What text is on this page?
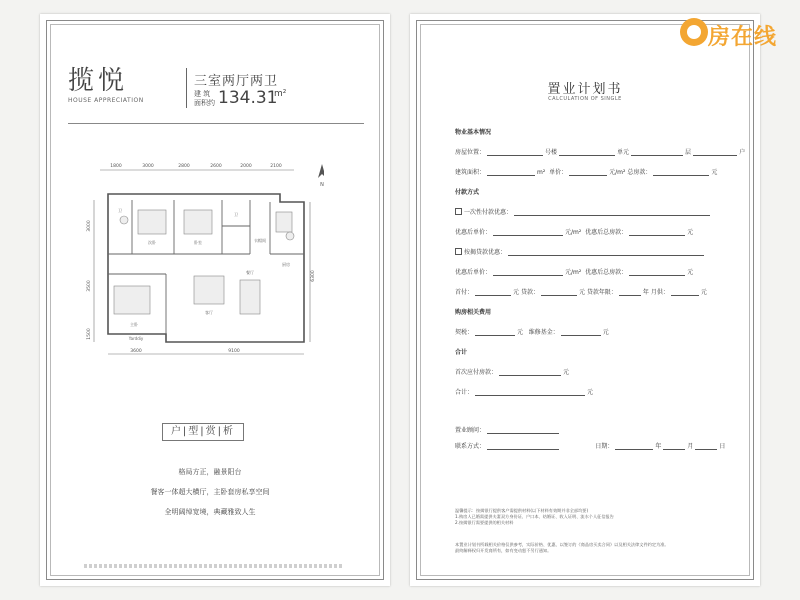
揽悦
HOUSE APPRECIATION
三室两厅两卫
建 筑
面积约 134.31
m²
1800	3000	2800	2600	2000	2100
次卧	卧室
主卧
客厅
餐厅
厨房
卫
卫
衣帽间
Yarddiy
3000
3500
1500
6300
3600	9100
N
户|型|赏|析
格局方正，融景阳台
餐客一体超大横厅，主卧套房私享空间
全明阔绰宽境，典藏雅致人生
置业计划书
CALCULATION OF SINGLE
物业基本情况
房屋位置：	号楼	单元	层	户
建筑面积：	m² 单价：	元/m² 总房款：	元
付款方式
一次性付款优惠：
优惠后单价：	元/m² 优惠后总房款：	元
按揭贷款优惠：
优惠后单价：	元/m² 优惠后总房款：	元
首付：	元 贷款：	元 贷款年限：	年 月供：	元
购房相关费用
契税：	元 维修基金：	元
合计
首次应付房款：	元
合计：	元
置业顾问：
联系方式：	日期：	年	月	日
温馨提示：按揭银行提供客户需提供材料(以下材料有效期并非全部均要)
1.购房人已婚需提供夫妻双方身份证、户口本、结婚证、收入证明、流水个人征信报告
2.按揭银行需要提供的相关材料
本置业计划书所载相关价格仅供参考，实际价格、优惠、以签订的《商品房买卖合同》以及相关法律文件约定为准。
最终解释权归开发商所有，如有变动恕不另行通知。
房在线
